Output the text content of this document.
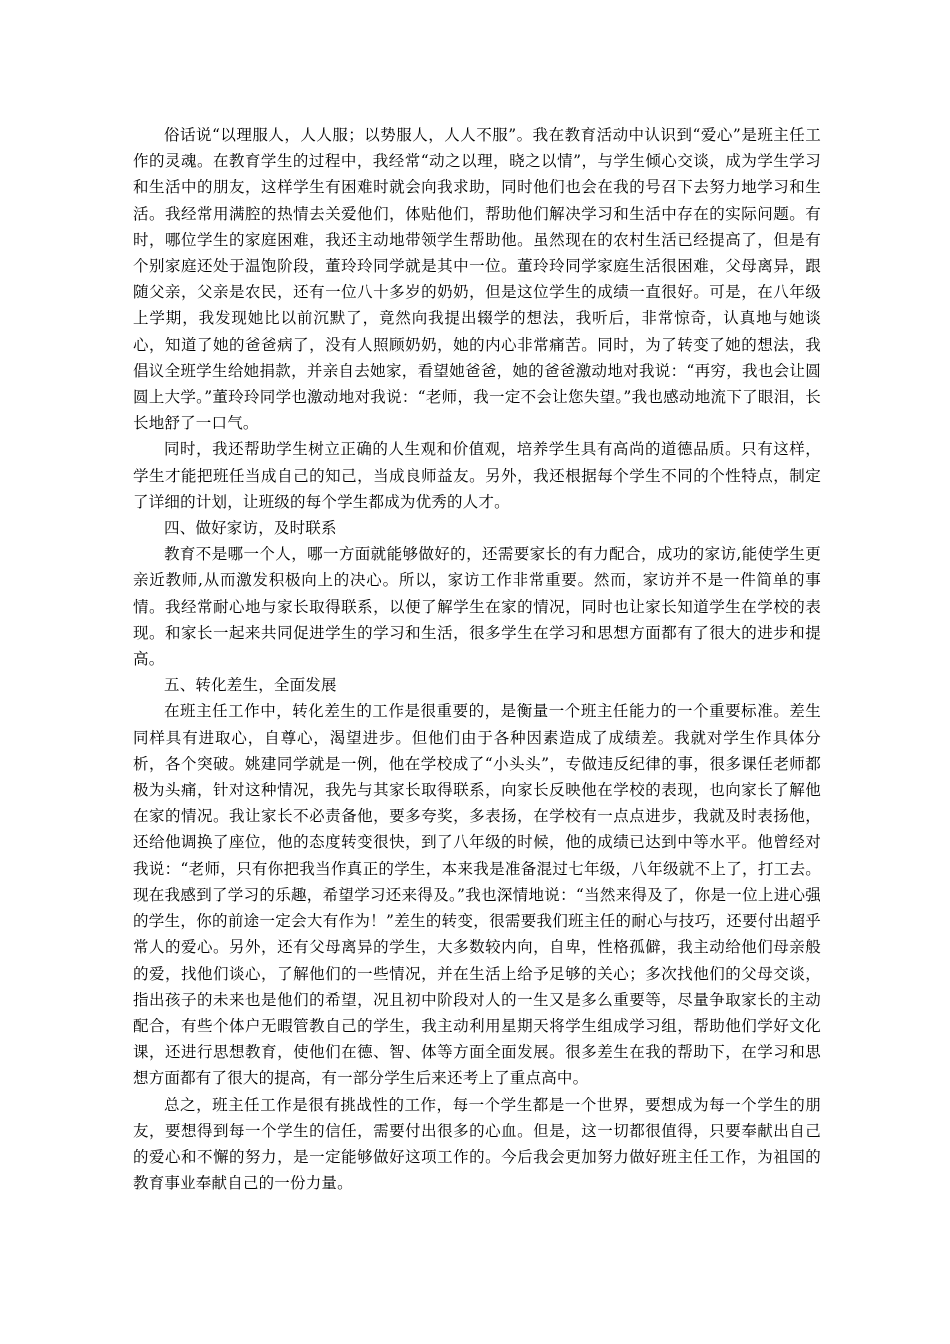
俗话说“以理服人，人人服；以势服人，人人不服”。我在教育活动中认识到“爱心”是班主任工作的灵魂。在教育学生的过程中，我经常“动之以理，晓之以情”，与学生倾心交谈，成为学生学习和生活中的朋友，这样学生有困难时就会向我求助，同时他们也会在我的号召下去努力地学习和生活。我经常用满腔的热情去关爱他们，体贴他们，帮助他们解决学习和生活中存在的实际问题。有时，哪位学生的家庭困难，我还主动地带领学生帮助他。虽然现在的农村生活已经提高了，但是有个别家庭还处于温饱阶段，董玲玲同学就是其中一位。董玲玲同学家庭生活很困难，父母离异，跟随父亲，父亲是农民，还有一位八十多岁的奶奶，但是这位学生的成绩一直很好。可是，在八年级上学期，我发现她比以前沉默了，竟然向我提出辍学的想法，我听后，非常惊奇，认真地与她谈心，知道了她的爸爸病了，没有人照顾奶奶，她的内心非常痛苦。同时，为了转变了她的想法，我倡议全班学生给她捐款，并亲自去她家，看望她爸爸，她的爸爸激动地对我说：“再穷，我也会让圆圆上大学。”董玲玲同学也激动地对我说：“老师，我一定不会让您失望。”我也感动地流下了眼泪，长长地舒了一口气。

同时，我还帮助学生树立正确的人生观和价值观，培养学生具有高尚的道德品质。只有这样，学生才能把班任当成自己的知己，当成良师益友。另外，我还根据每个学生不同的个性特点，制定了详细的计划，让班级的每个学生都成为优秀的人才。

四、做好家访，及时联系

教育不是哪一个人，哪一方面就能够做好的，还需要家长的有力配合，成功的家访,能使学生更亲近教师,从而激发积极向上的决心。所以，家访工作非常重要。然而，家访并不是一件简单的事情。我经常耐心地与家长取得联系，以便了解学生在家的情况，同时也让家长知道学生在学校的表现。和家长一起来共同促进学生的学习和生活，很多学生在学习和思想方面都有了很大的进步和提高。

五、转化差生，全面发展

在班主任工作中，转化差生的工作是很重要的，是衡量一个班主任能力的一个重要标准。差生同样具有进取心，自尊心，渴望进步。但他们由于各种因素造成了成绩差。我就对学生作具体分析，各个突破。姚建同学就是一例，他在学校成了“小头头”，专做违反纪律的事，很多课任老师都极为头痛，针对这种情况，我先与其家长取得联系，向家长反映他在学校的表现，也向家长了解他在家的情况。我让家长不必责备他，要多夸奖，多表扬，在学校有一点点进步，我就及时表扬他，还给他调换了座位，他的态度转变很快，到了八年级的时候，他的成绩已达到中等水平。他曾经对我说：“老师，只有你把我当作真正的学生，本来我是准备混过七年级，八年级就不上了，打工去。现在我感到了学习的乐趣，希望学习还来得及。”我也深情地说：“当然来得及了，你是一位上进心强的学生，你的前途一定会大有作为！”差生的转变，很需要我们班主任的耐心与技巧，还要付出超乎常人的爱心。另外，还有父母离异的学生，大多数较内向，自卑，性格孤僻，我主动给他们母亲般的爱，找他们谈心，了解他们的一些情况，并在生活上给予足够的关心；多次找他们的父母交谈，指出孩子的未来也是他们的希望，况且初中阶段对人的一生又是多么重要等，尽量争取家长的主动配合，有些个体户无暇管教自己的学生，我主动利用星期天将学生组成学习组，帮助他们学好文化课，还进行思想教育，使他们在德、智、体等方面全面发展。很多差生在我的帮助下，在学习和思想方面都有了很大的提高，有一部分学生后来还考上了重点高中。

总之，班主任工作是很有挑战性的工作，每一个学生都是一个世界，要想成为每一个学生的朋友，要想得到每一个学生的信任，需要付出很多的心血。但是，这一切都很值得，只要奉献出自己的爱心和不懈的努力，是一定能够做好这项工作的。今后我会更加努力做好班主任工作，为祖国的教育事业奉献自己的一份力量。
